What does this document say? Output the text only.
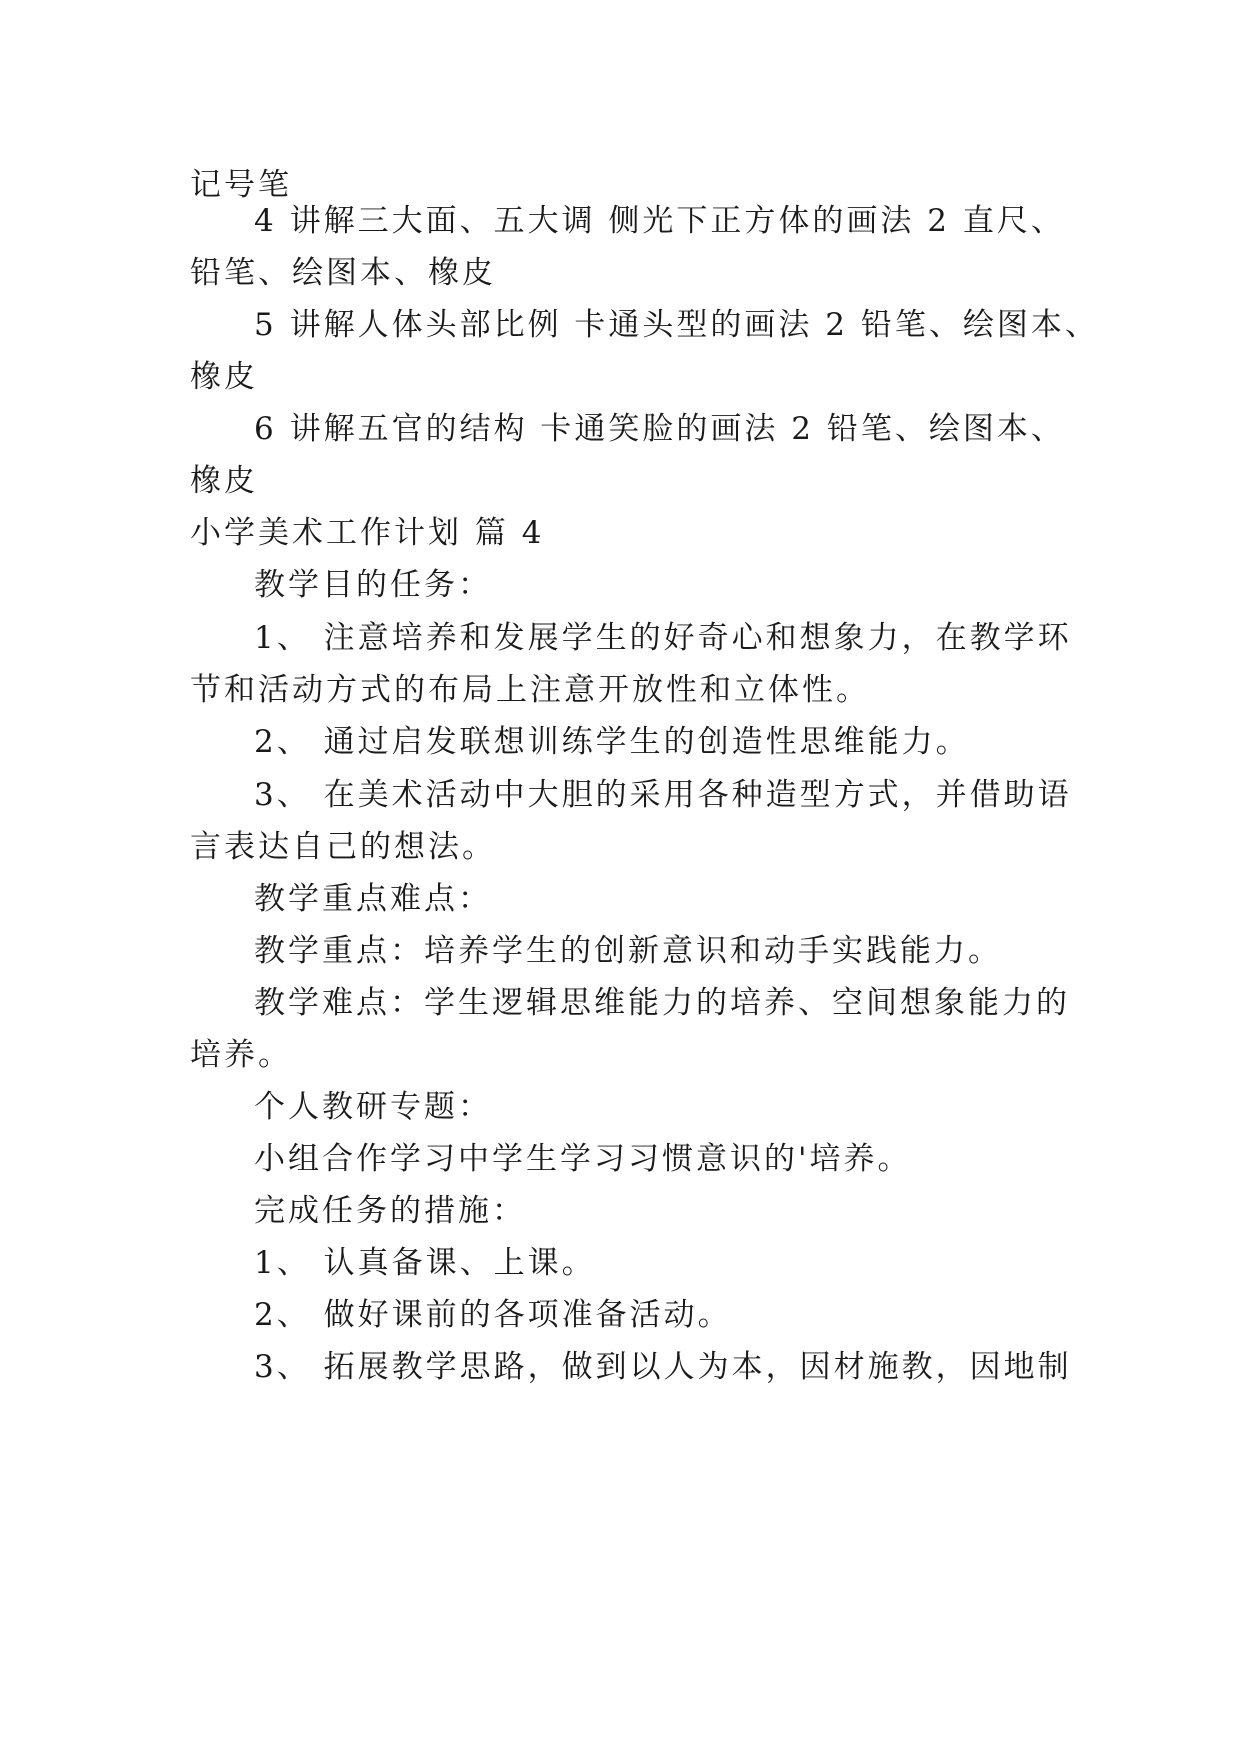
记号笔
4 讲解三大面、五大调 侧光下正方体的画法 2 直尺、
铅笔、绘图本、橡皮
5 讲解人体头部比例 卡通头型的画法 2 铅笔、绘图本、
橡皮
6 讲解五官的结构 卡通笑脸的画法 2 铅笔、绘图本、
橡皮
小学美术工作计划 篇 4
教学目的任务：
1、 注意培养和发展学生的好奇心和想象力，在教学环
节和活动方式的布局上注意开放性和立体性。
2、 通过启发联想训练学生的创造性思维能力。
3、 在美术活动中大胆的采用各种造型方式，并借助语
言表达自己的想法。
教学重点难点：
教学重点：培养学生的创新意识和动手实践能力。
教学难点：学生逻辑思维能力的培养、空间想象能力的
培养。
个人教研专题：
小组合作学习中学生学习习惯意识的'培养。
完成任务的措施：
1、 认真备课、上课。
2、 做好课前的各项准备活动。
3、 拓展教学思路，做到以人为本，因材施教，因地制
